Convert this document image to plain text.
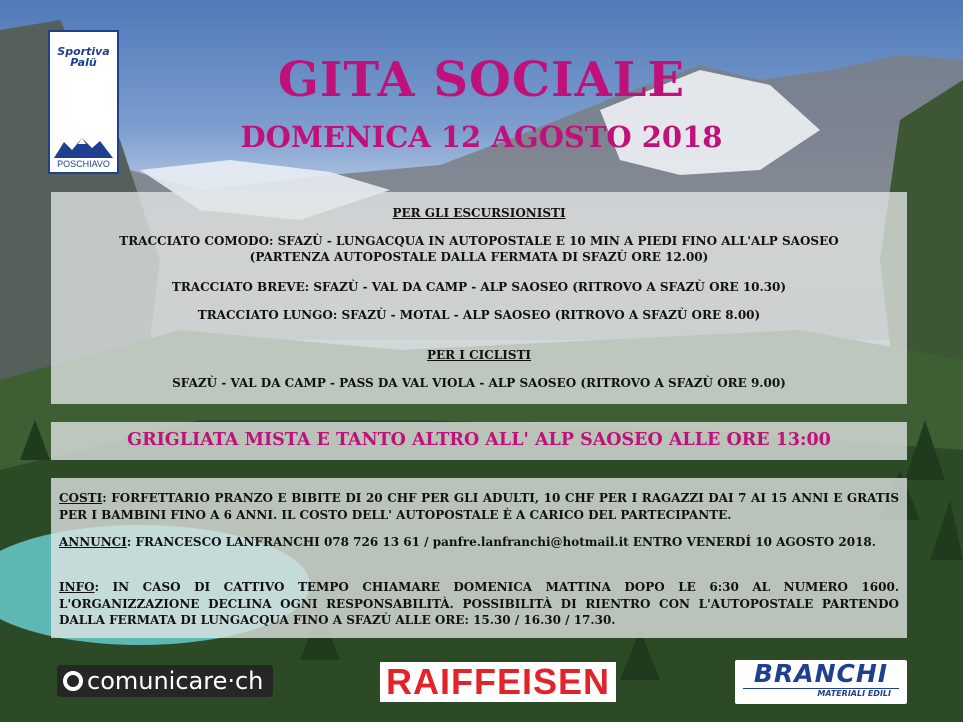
Sportiva Palü
POSCHIAVO
GITA SOCIALE
DOMENICA 12 AGOSTO 2018
PER GLI ESCURSIONISTI
TRACCIATO COMODO: SFAZÙ - LUNGACQUA IN AUTOPOSTALE E 10 MIN A PIEDI FINO ALL'ALP SAOSEO
(PARTENZA AUTOPOSTALE DALLA FERMATA DI SFAZÙ ORE 12.00)
TRACCIATO BREVE: SFAZÙ - VAL DA CAMP - ALP SAOSEO (RITROVO A SFAZÙ ORE 10.30)
TRACCIATO LUNGO: SFAZÙ - MOTAL - ALP SAOSEO (RITROVO A SFAZÙ ORE 8.00)
PER I CICLISTI
SFAZÙ - VAL DA CAMP - PASS DA VAL VIOLA - ALP SAOSEO (RITROVO A SFAZÙ ORE 9.00)
GRIGLIATA MISTA E TANTO ALTRO ALL' ALP SAOSEO ALLE ORE 13:00
COSTI: FORFETTARIO PRANZO E BIBITE DI 20 CHF PER GLI ADULTI, 10 CHF PER I RAGAZZI DAI 7 AI 15 ANNI E GRATIS PER I BAMBINI FINO A 6 ANNI. IL COSTO DELL' AUTOPOSTALE È A CARICO DEL PARTECIPANTE.
ANNUNCI: FRANCESCO LANFRANCHI 078 726 13 61 / panfre.lanfranchi@hotmail.it ENTRO VENERDÍ 10 AGOSTO 2018.
INFO: IN CASO DI CATTIVO TEMPO CHIAMARE DOMENICA MATTINA DOPO LE 6:30 AL NUMERO 1600. L'ORGANIZZAZIONE DECLINA OGNI RESPONSABILITÀ. POSSIBILITÀ DI RIENTRO CON L'AUTOPOSTALE PARTENDO DALLA FERMATA DI LUNGACQUA FINO A SFAZÙ ALLE ORE: 15.30 / 16.30 / 17.30.
comunicare·ch	RAIFFEISEN	BRANCHI
MATERIALI EDILI
